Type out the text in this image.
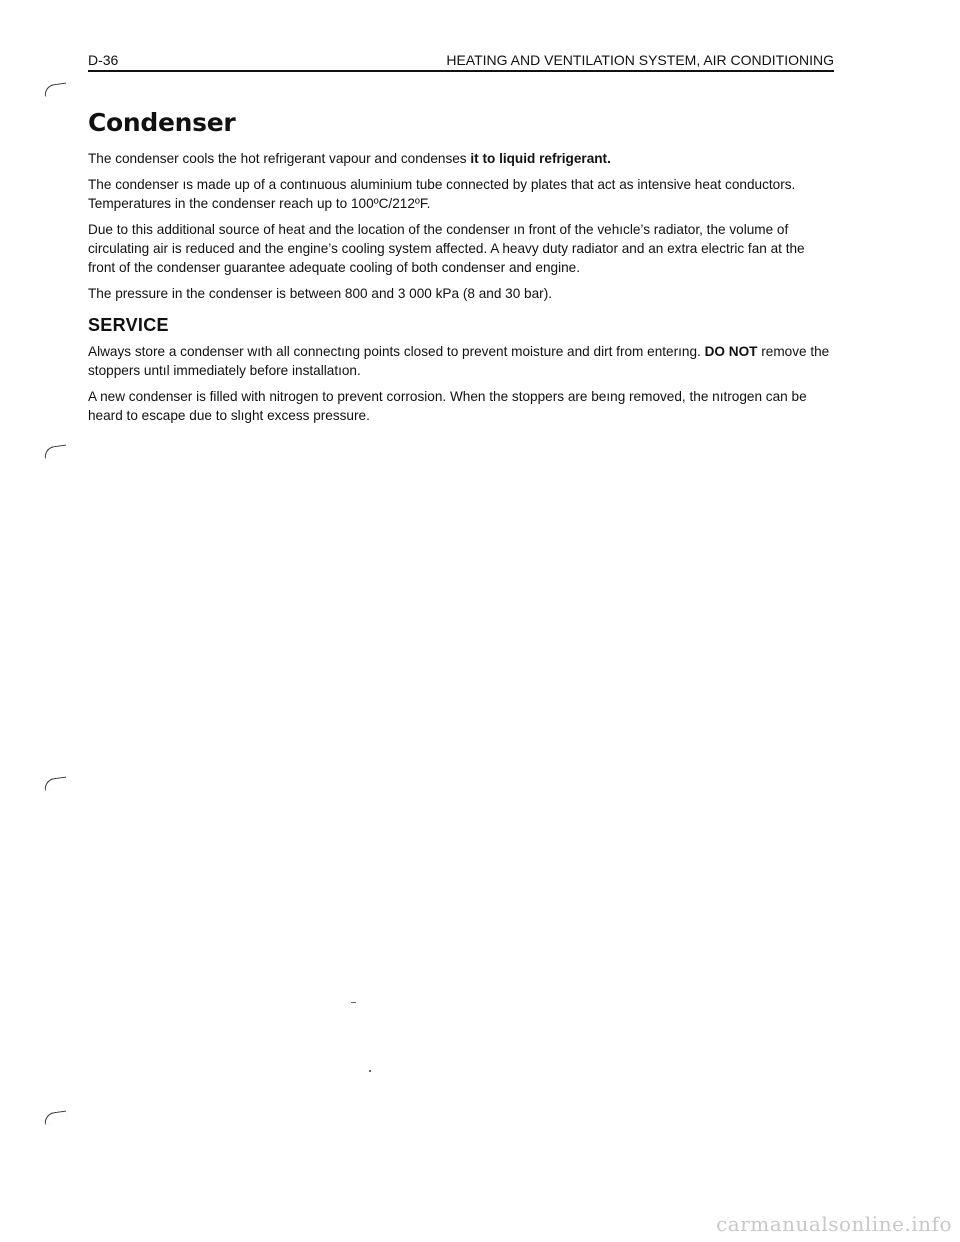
D-36	HEATING AND VENTILATION SYSTEM, AIR CONDITIONING
Condenser

The condenser cools the hot refrigerant vapour and condenses it to liquid refrigerant.

The condenser ıs made up of a contınuous aluminium tube connected by plates that act as intensive heat conductors. Temperatures in the condenser reach up to 100ºC/212ºF.

Due to this additional source of heat and the location of the condenser ın front of the vehıcle’s radiator, the volume of circulating air is reduced and the engine’s cooling system affected. A heavy duty radiator and an extra electric fan at the front of the condenser guarantee adequate cooling of both condenser and engine.

The pressure in the condenser is between 800 and 3 000 kPa (8 and 30 bar).

SERVICE

Always store a condenser wıth all connectıng points closed to prevent moisture and dirt from enterıng. DO NOT remove the stoppers untıl immediately before installatıon.

A new condenser is filled with nitrogen to prevent corrosion. When the stoppers are beıng removed, the nıtrogen can be heard to escape due to slıght excess pressure.

carmanualsonline.info
